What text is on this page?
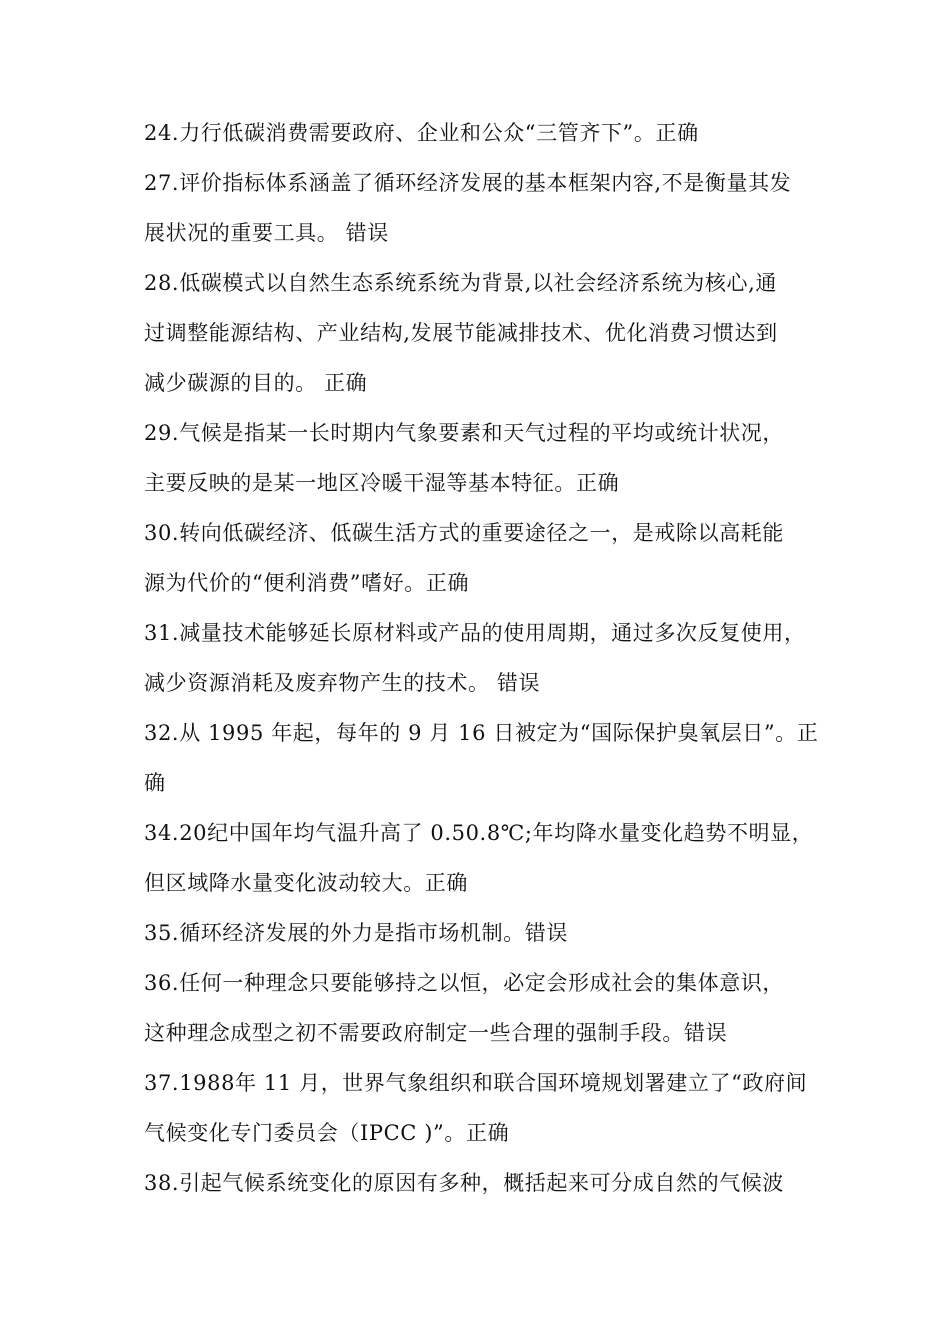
24.力行低碳消费需要政府、企业和公众“三管齐下”。正确
27.评价指标体系涵盖了循环经济发展的基本框架内容,不是衡量其发
展状况的重要工具。 错误
28.低碳模式以自然生态系统系统为背景,以社会经济系统为核心,通
过调整能源结构、产业结构,发展节能减排技术、优化消费习惯达到
减少碳源的目的。 正确
29.气候是指某一长时期内气象要素和天气过程的平均或统计状况，
主要反映的是某一地区冷暖干湿等基本特征。正确
30.转向低碳经济、低碳生活方式的重要途径之一，是戒除以高耗能
源为代价的“便利消费”嗜好。正确
31.减量技术能够延长原材料或产品的使用周期，通过多次反复使用，
减少资源消耗及废弃物产生的技术。 错误
32.从 1995 年起，每年的 9 月 16 日被定为“国际保护臭氧层日”。正
确
34.20纪中国年均气温升高了 0.50.8℃;年均降水量变化趋势不明显，
但区域降水量变化波动较大。正确
35.循环经济发展的外力是指市场机制。错误
36.任何一种理念只要能够持之以恒，必定会形成社会的集体意识，
这种理念成型之初不需要政府制定一些合理的强制手段。错误
37.1988年 11 月，世界气象组织和联合国环境规划署建立了“政府间
气候变化专门委员会（IPCC )”。正确
38.引起气候系统变化的原因有多种，概括起来可分成自然的气候波
